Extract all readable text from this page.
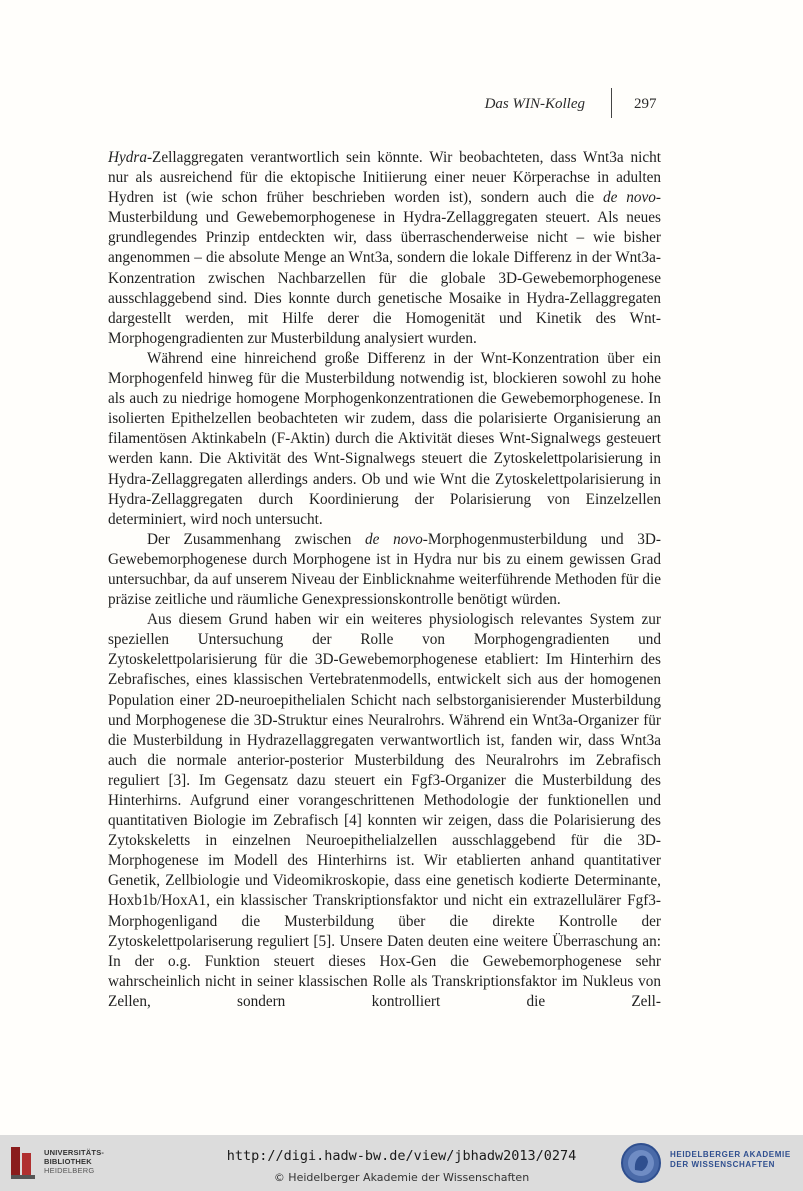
Das WIN-Kolleg	297

Hydra-Zellaggregaten verantwortlich sein könnte. Wir beobachteten, dass Wnt3a nicht nur als ausreichend für die ektopische Initiierung einer neuer Körperachse in adulten Hydren ist (wie schon früher beschrieben worden ist), sondern auch die de novo-Musterbildung und Gewebemorphogenese in Hydra-Zellaggregaten steuert. Als neues grundlegendes Prinzip entdeckten wir, dass überraschenderweise nicht – wie bisher angenommen – die absolute Menge an Wnt3a, sondern die lokale Differenz in der Wnt3a-Konzentration zwischen Nachbarzellen für die globale 3D-Gewebemorphogenese ausschlaggebend sind. Dies konnte durch genetische Mosaike in Hydra-Zellaggregaten dargestellt werden, mit Hilfe derer die Homogenität und Kinetik des Wnt-Morphogengradienten zur Musterbildung analysiert wurden.

Während eine hinreichend große Differenz in der Wnt-Konzentration über ein Morphogenfeld hinweg für die Musterbildung notwendig ist, blockieren sowohl zu hohe als auch zu niedrige homogene Morphogenkonzentrationen die Gewebemorphogenese. In isolierten Epithelzellen beobachteten wir zudem, dass die polarisierte Organisierung an filamentösen Aktinkabeln (F-Aktin) durch die Aktivität dieses Wnt-Signalwegs gesteuert werden kann. Die Aktivität des Wnt-Signalwegs steuert die Zytoskelettpolarisierung in Hydra-Zellaggregaten allerdings anders. Ob und wie Wnt die Zytoskelettpolarisierung in Hydra-Zellaggregaten durch Koordinierung der Polarisierung von Einzelzellen determiniert, wird noch untersucht.

Der Zusammenhang zwischen de novo-Morphogenmusterbildung und 3D-Gewebemorphogenese durch Morphogene ist in Hydra nur bis zu einem gewissen Grad untersuchbar, da auf unserem Niveau der Einblicknahme weiterführende Methoden für die präzise zeitliche und räumliche Genexpressionskontrolle benötigt würden.

Aus diesem Grund haben wir ein weiteres physiologisch relevantes System zur speziellen Untersuchung der Rolle von Morphogengradienten und Zytoskelettpolarisierung für die 3D-Gewebemorphogenese etabliert: Im Hinterhirn des Zebrafisches, eines klassischen Vertebratenmodells, entwickelt sich aus der homogenen Population einer 2D-neuroepithelialen Schicht nach selbstorganisierender Musterbildung und Morphogenese die 3D-Struktur eines Neuralrohrs. Während ein Wnt3a-Organizer für die Musterbildung in Hydrazellaggregaten verwantwortlich ist, fanden wir, dass Wnt3a auch die normale anterior-posterior Musterbildung des Neuralrohrs im Zebrafisch reguliert [3]. Im Gegensatz dazu steuert ein Fgf3-Organizer die Musterbildung des Hinterhirns. Aufgrund einer vorangeschrittenen Methodologie der funktionellen und quantitativen Biologie im Zebrafisch [4] konnten wir zeigen, dass die Polarisierung des Zytokskeletts in einzelnen Neuroepithelialzellen ausschlaggebend für die 3D-Morphogenese im Modell des Hinterhirns ist. Wir etablierten anhand quantitativer Genetik, Zellbiologie und Videomikroskopie, dass eine genetisch kodierte Determinante, Hoxb1b/HoxA1, ein klassischer Transkriptionsfaktor und nicht ein extrazellulärer Fgf3-Morphogenligand die Musterbildung über die direkte Kontrolle der Zytoskelettpolariserung reguliert [5]. Unsere Daten deuten eine weitere Überraschung an: In der o.g. Funktion steuert dieses Hox-Gen die Gewebemorphogenese sehr wahrscheinlich nicht in seiner klassischen Rolle als Transkriptionsfaktor im Nukleus von Zellen, sondern kontrolliert die Zell-

UNIVERSITÄTS-
BIBLIOTHEK
HEIDELBERG
http://digi.hadw-bw.de/view/jbhadw2013/0274
© Heidelberger Akademie der Wissenschaften
HEIDELBERGER AKADEMIE
DER WISSENSCHAFTEN
